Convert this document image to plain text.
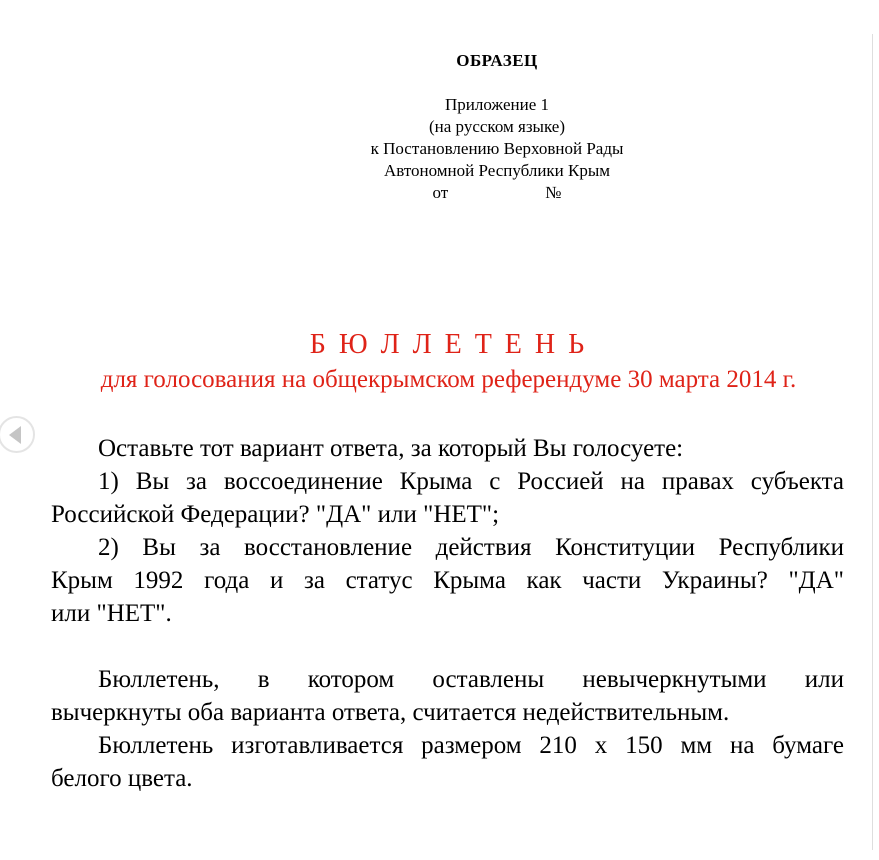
ОБРАЗЕЦ
Приложение 1
(на русском языке)
к Постановлению Верховной Рады
Автономной Республики Крым
от	№
Б Ю Л Л Е Т Е Н Ь
для голосования на общекрымском референдуме 30 марта 2014 г.

Оставьте тот вариант ответа, за который Вы голосуете:

1) Вы за воссоединение Крыма с Россией на правах субъекта
Российской Федерации? "ДА" или "НЕТ";

2) Вы за восстановление действия Конституции Республики
Крым 1992 года и за статус Крыма как части Украины? "ДА"
или "НЕТ".

Бюллетень, в котором оставлены невычеркнутыми или
вычеркнуты оба варианта ответа, считается недействительным.

Бюллетень изготавливается размером 210 х 150 мм на бумаге
белого цвета.
